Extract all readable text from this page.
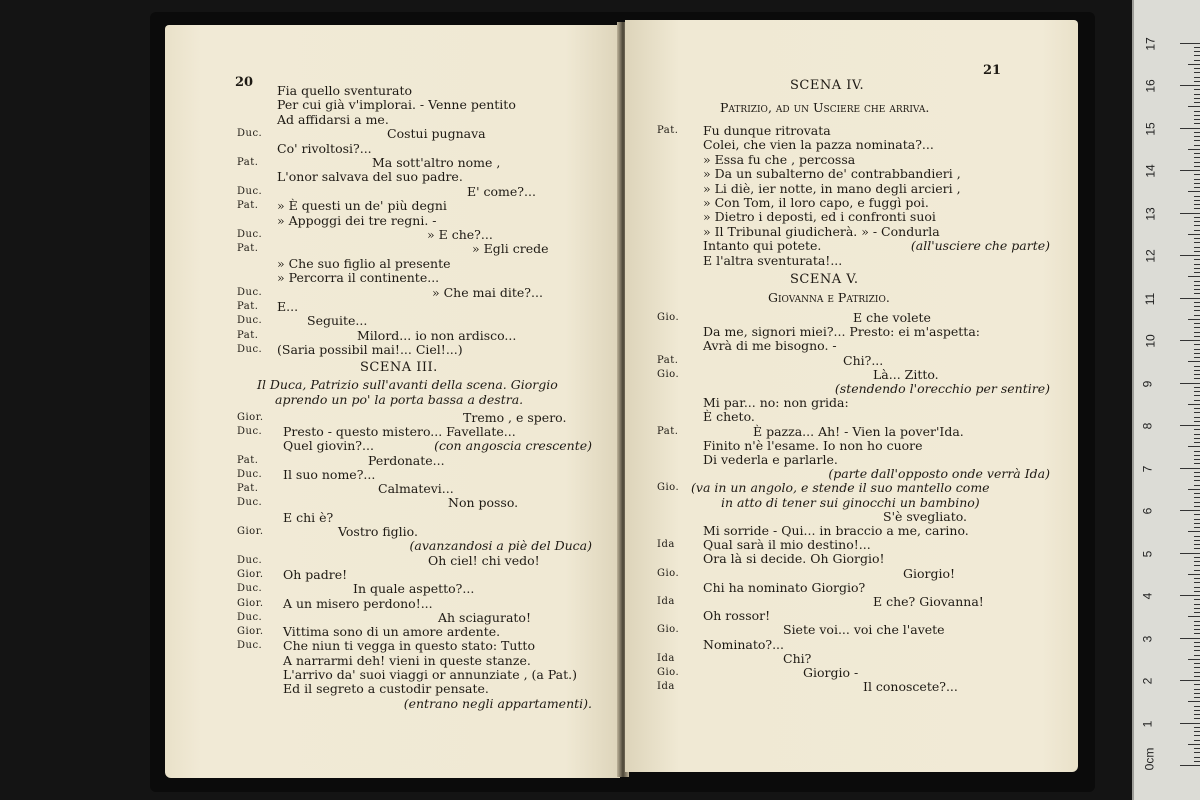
20
Fia quello sventurato
Per cui già v'implorai. - Venne pentito
Ad affidarsi a me.
Duc.	Costui pugnava
Co' rivoltosi?...
Pat.	Ma sott'altro nome ,
L'onor salvava del suo padre.
Duc.	E' come?...
Pat. » È questi un de' più degni
» Appoggi dei tre regni. -
Duc.	» E che?...
Pat.	» Egli crede
» Che suo figlio al presente
» Percorra il continente...
Duc.	» Che mai dite?...
Pat. E...
Duc.	Seguite...
Pat.	Milord... io non ardisco...
Duc. (Saria possibil mai!... Ciel!...)
SCENA III.
Il Duca, Patrizio sull'avanti della scena. Giorgio
aprendo un po' la porta bassa a destra.
Gior.	Tremo , e spero.
Duc. Presto - questo mistero... Favellate...
Quel giovin?...	(con angoscia crescente)
Pat.	Perdonate...
Duc. Il suo nome?...
Pat.	Calmatevi...
Duc.	Non posso.
E chi è?
Gior.	Vostro figlio.
(avanzandosi a piè del Duca)
Duc.	Oh ciel! chi vedo!
Gior. Oh padre!
Duc.	In quale aspetto?...
Gior. A un misero perdono!...
Duc.	Ah sciagurato!
Gior. Vittima sono di un amore ardente.
Duc. Che niun ti vegga in questo stato: Tutto
A narrarmi deh! vieni in queste stanze.
L'arrivo da' suoi viaggi or annunziate , (a Pat.)
Ed il segreto a custodir pensate.
(entrano negli appartamenti).
21
SCENA IV.
Patrizio, ad un Usciere che arriva.
Pat. Fu dunque ritrovata
Colei, che vien la pazza nominata?...
» Essa fu che , percossa
» Da un subalterno de' contrabbandieri ,
» Li diè, ier notte, in mano degli arcieri ,
» Con Tom, il loro capo, e fuggì poi.
» Dietro i deposti, ed i confronti suoi
» Il Tribunal giudicherà. » - Condurla
Intanto qui potete.	(all'usciere che parte)
E l'altra sventurata!...
SCENA V.
Giovanna e Patrizio.
Gio.	E che volete
Da me, signori miei?... Presto: ei m'aspetta:
Avrà di me bisogno. -
Pat.	Chi?...
Gio.	Là... Zitto.
(stendendo l'orecchio per sentire)
Mi par... no: non grida:
È cheto.
Pat.	È pazza... Ah! - Vien la pover'Ida.
Finito n'è l'esame. Io non ho cuore
Di vederla e parlarle.
(parte dall'opposto onde verrà Ida)
Gio. (va in un angolo, e stende il suo mantello come
in atto di tener sui ginocchi un bambino)
S'è svegliato.
Mi sorride - Qui... in braccio a me, carino.
Ida Qual sarà il mio destino!...
Ora là si decide. Oh Giorgio!
Gio.	Giorgio!
Chi ha nominato Giorgio?
Ida	E che? Giovanna!
Oh rossor!
Gio.	Siete voi... voi che l'avete
Nominato?...
Ida	Chi?
Gio.	Giorgio -
Ida	Il conoscete?...
0cm
1
2
3
4
5
6
7
8
9
10
11
12
13
14
15
16
17
